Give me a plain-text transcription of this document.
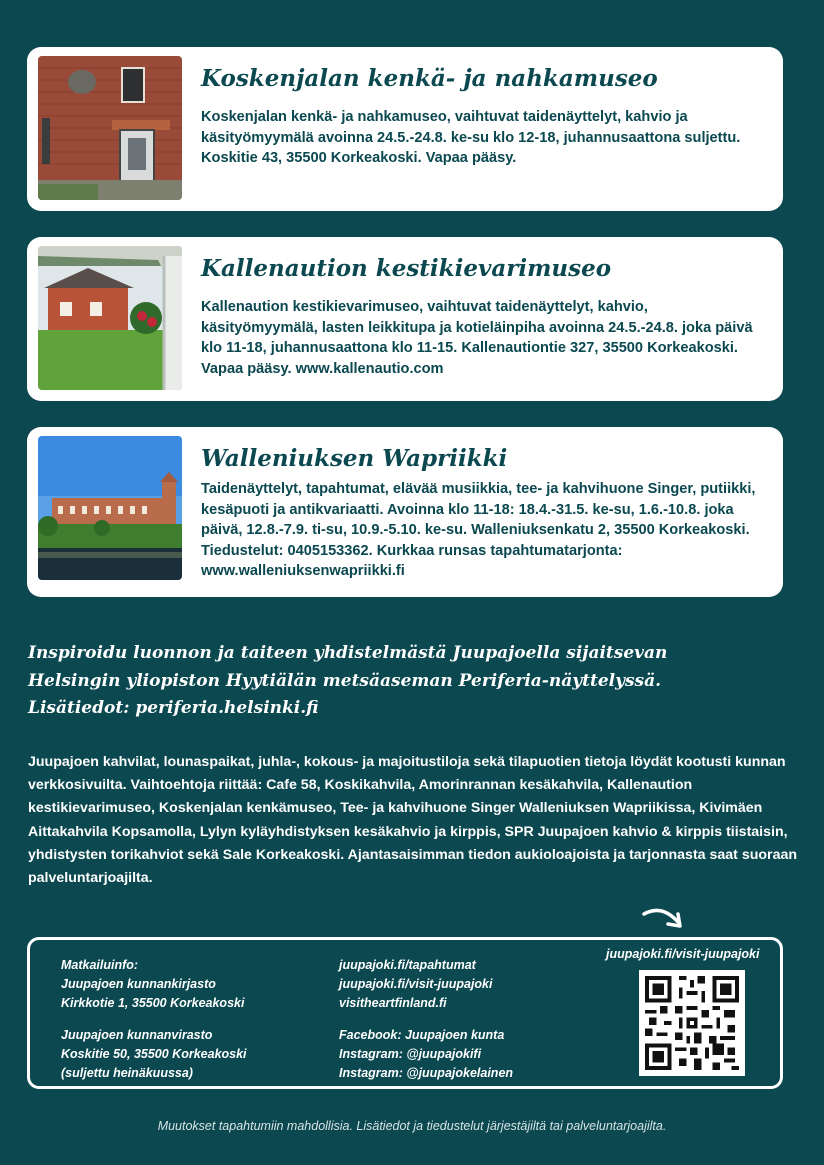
Koskenjalan kenkä- ja nahkamuseo
Koskenjalan kenkä- ja nahkamuseo, vaihtuvat taidenäyttelyt, kahvio ja käsityömyymälä avoinna 24.5.-24.8. ke-su klo 12-18, juhannusaattona suljettu. Koskitie 43, 35500 Korkeakoski. Vapaa pääsy.
Kallenaution kestikievarimuseo
Kallenaution kestikievarimuseo, vaihtuvat taidenäyttelyt, kahvio, käsityömyymälä, lasten leikkitupa ja kotieläinpiha avoinna 24.5.-24.8. joka päivä klo 11-18, juhannusaattona klo 11-15. Kallenautiontie 327, 35500 Korkeakoski. Vapaa pääsy. www.kallenautio.com
Walleniuksen Wapriikki
Taidenäyttelyt, tapahtumat, elävää musiikkia, tee- ja kahvihuone Singer, putiikki, kesäpuoti ja antikvariaatti. Avoinna klo 11-18: 18.4.-31.5. ke-su, 1.6.-10.8. joka päivä, 12.8.-7.9. ti-su, 10.9.-5.10. ke-su. Walleniuksenkatu 2, 35500 Korkeakoski. Tiedustelut: 0405153362. Kurkkaa runsas tapahtumatarjonta: www.walleniuksenwapriikki.fi
Inspiroidu luonnon ja taiteen yhdistelmästä Juupajoella sijaitsevan
Helsingin yliopiston Hyytiälän metsäaseman Periferia-näyttelyssä.
Lisätiedot: periferia.helsinki.fi
Juupajoen kahvilat, lounaspaikat, juhla-, kokous- ja majoitustiloja sekä tilapuotien tietoja löydät kootusti kunnan verkkosivuilta. Vaihtoehtoja riittää: Cafe 58, Koskikahvila, Amorinrannan kesäkahvila, Kallenaution kestikievarimuseo, Koskenjalan kenkämuseo, Tee- ja kahvihuone Singer Walleniuksen Wapriikissa, Kivimäen Aittakahvila Kopsamolla, Lylyn kyläyhdistyksen kesäkahvio ja kirppis, SPR Juupajoen kahvio & kirppis tiistaisin, yhdistysten torikahviot sekä Sale Korkeakoski. Ajantasaisimman tiedon aukioloajoista ja tarjonnasta saat suoraan palveluntarjoajilta.
Matkailuinfo:
Juupajoen kunnankirjasto
Kirkkotie 1, 35500 Korkeakoski
Juupajoen kunnanvirasto
Koskitie 50, 35500 Korkeakoski
(suljettu heinäkuussa)
juupajoki.fi/tapahtumat
juupajoki.fi/visit-juupajoki
visitheartfinland.fi
Facebook: Juupajoen kunta
Instagram: @juupajokifi
Instagram: @juupajokelainen
juupajoki.fi/visit-juupajoki
Muutokset tapahtumiin mahdollisia. Lisätiedot ja tiedustelut järjestäjiltä tai palveluntarjoajilta.
